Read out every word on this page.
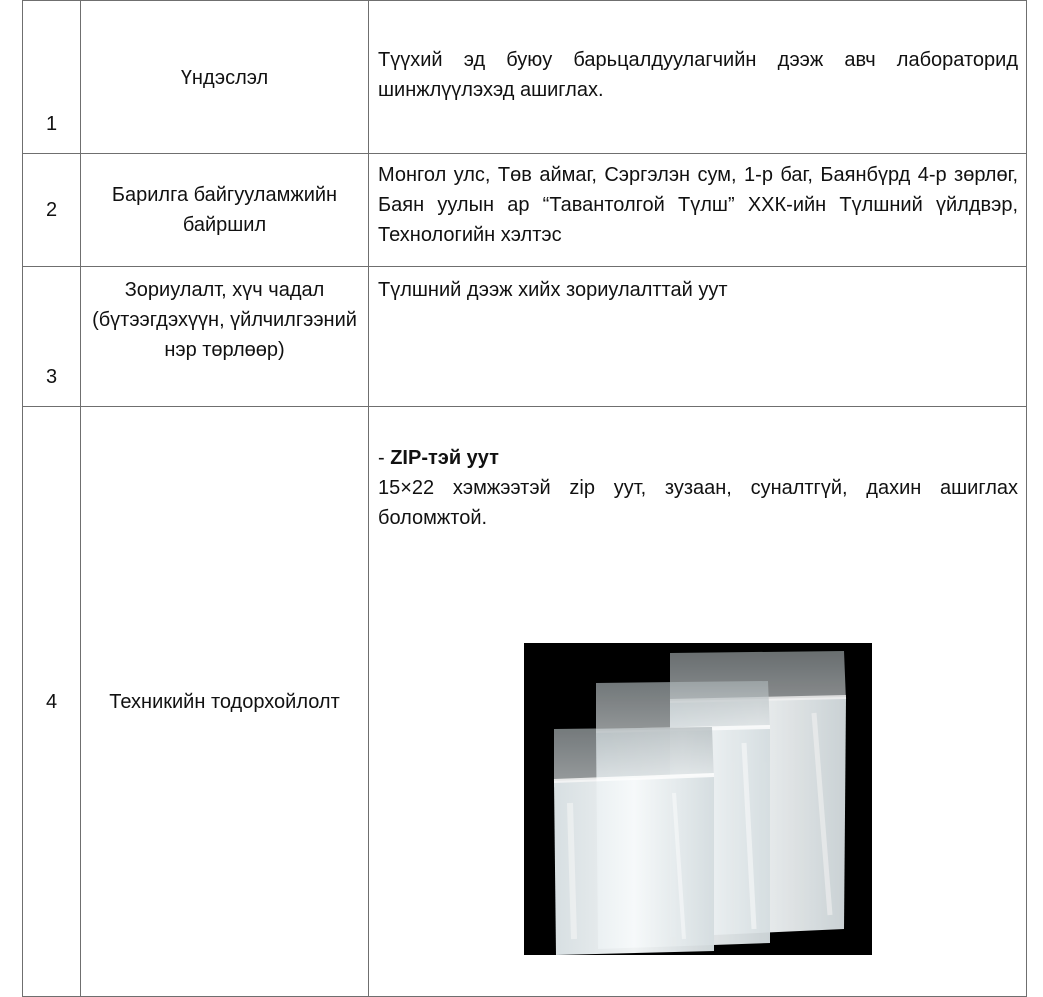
1	Үндэслэл	Түүхий эд буюу барьцалдуулагчийн дээж авч лабораторид шинжлүүлэхэд ашиглах.
2	Барилга байгууламжийн байршил	Монгол улс, Төв аймаг, Сэргэлэн сум, 1-р баг, Баянбүрд 4-р зөрлөг, Баян уулын ар “Тавантолгой Түлш” ХХК-ийн Түлшний үйлдвэр, Технологийн хэлтэс
3	Зориулалт, хүч чадал (бүтээгдэхүүн, үйлчилгээний нэр төрлөөр)	Түлшний дээж хийх зориулалттай уут
4	Техникийн тодорхойлолт	- ZIP-тэй уут
15×22 хэмжээтэй zip уут, зузаан, суналтгүй, дахин ашиглах боломжтой.
